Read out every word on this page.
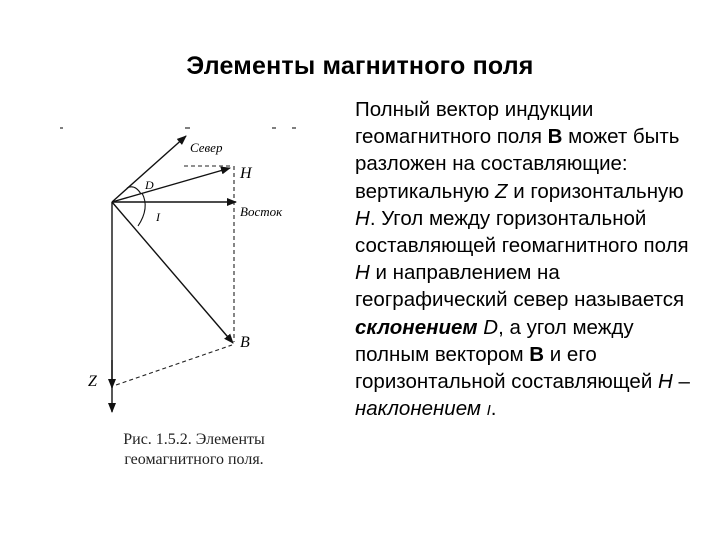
Элементы магнитного поля
Север
Восток
H
B
Z
D
I
Рис. 1.5.2. Элементы
геомагнитного поля.
Полный вектор индукции геомагнитного поля В может быть разложен на составляющие: вертикальную Z и горизонтальную H. Угол между горизонтальной составляющей геомагнитного поля H и направлением на географический север называется склонением D, а угол между полным вектором В и его горизонтальной составляющей H – наклонением I.
